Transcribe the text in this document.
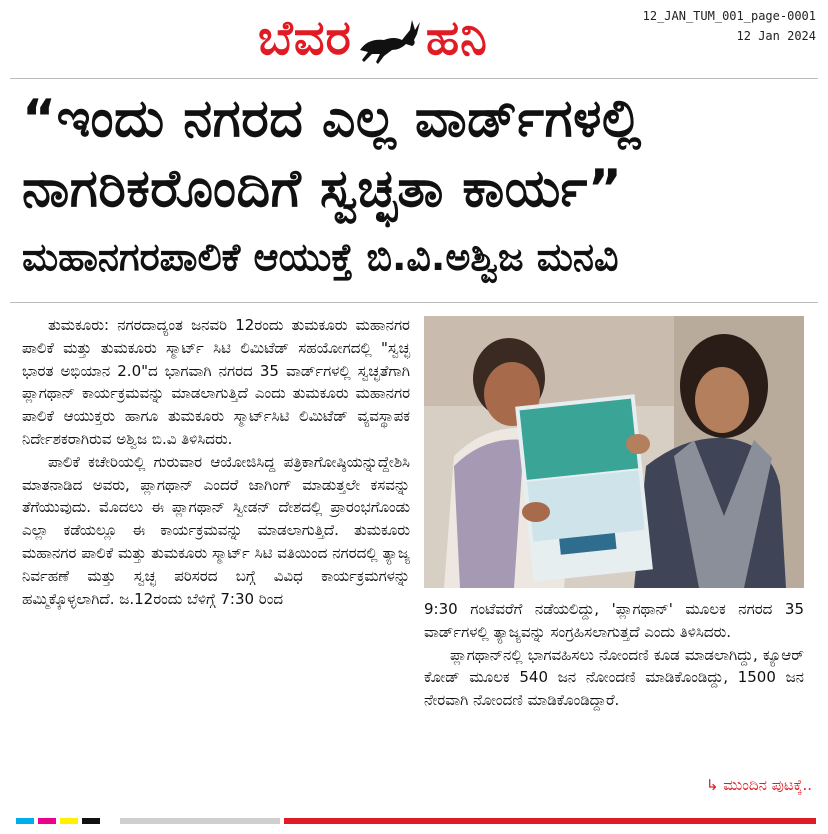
ಬೆವರ ಹನಿ	12_JAN_TUM_001_page-0001
12 Jan 2024
“ಇಂದು ನಗರದ ಎಲ್ಲ ವಾರ್ಡ್‌ಗಳಲ್ಲಿ
ನಾಗರಿಕರೊಂದಿಗೆ ಸ್ವಚ್ಛತಾ ಕಾರ್ಯ”
ಮಹಾನಗರಪಾಲಿಕೆ ಆಯುಕ್ತೆ ಬಿ.ವಿ.ಅಶ್ವಿಜ ಮನವಿ

ತುಮಕೂರು: ನಗರದಾದ್ಯಂತ ಜನವರಿ 12ರಂದು ತುಮಕೂರು ಮಹಾನಗರ ಪಾಲಿಕೆ ಮತ್ತು ತುಮಕೂರು ಸ್ಮಾರ್ಟ್ ಸಿಟಿ ಲಿಮಿಟೆಡ್ ಸಹಯೋಗದಲ್ಲಿ "ಸ್ವಚ್ಛ ಭಾರತ ಅಭಿಯಾನ 2.0"ದ ಭಾಗವಾಗಿ ನಗರದ 35 ವಾರ್ಡ್‌ಗಳಲ್ಲಿ ಸ್ವಚ್ಛತೆಗಾಗಿ ಪ್ಲಾಗಥಾನ್ ಕಾರ್ಯಕ್ರಮವನ್ನು ಮಾಡಲಾಗುತ್ತಿದೆ ಎಂದು ತುಮಕೂರು ಮಹಾನಗರ ಪಾಲಿಕೆ ಆಯುಕ್ತರು ಹಾಗೂ ತುಮಕೂರು ಸ್ಮಾರ್ಟ್‌ಸಿಟಿ ಲಿಮಿಟೆಡ್ ವ್ಯವಸ್ಥಾಪಕ ನಿರ್ದೇಶಕರಾಗಿರುವ ಅಶ್ವಿಜ ಬಿ.ವಿ ತಿಳಿಸಿದರು.

ಪಾಲಿಕೆ ಕಚೇರಿಯಲ್ಲಿ ಗುರುವಾರ ಆಯೋಜಿಸಿದ್ದ ಪತ್ರಿಕಾಗೋಷ್ಠಿಯನ್ನುದ್ದೇಶಿಸಿ ಮಾತನಾಡಿದ ಅವರು, ಪ್ಲಾಗಥಾನ್ ಎಂದರೆ ಜಾಗಿಂಗ್ ಮಾಡುತ್ತಲೇ ಕಸವನ್ನು ತೆಗೆಯುವುದು. ಮೊದಲು ಈ ಪ್ಲಾಗಥಾನ್ ಸ್ವೀಡನ್ ದೇಶದಲ್ಲಿ ಪ್ರಾರಂಭಗೊಂಡು ಎಲ್ಲಾ ಕಡೆಯಲ್ಲೂ ಈ ಕಾರ್ಯಕ್ರಮವನ್ನು ಮಾಡಲಾಗುತ್ತಿದೆ. ತುಮಕೂರು ಮಹಾನಗರ ಪಾಲಿಕೆ ಮತ್ತು ತುಮಕೂರು ಸ್ಮಾರ್ಟ್ ಸಿಟಿ ವತಿಯಿಂದ ನಗರದಲ್ಲಿ ತ್ಯಾಜ್ಯ ನಿರ್ವಹಣೆ ಮತ್ತು ಸ್ವಚ್ಛ ಪರಿಸರದ ಬಗ್ಗೆ ವಿವಿಧ ಕಾರ್ಯಕ್ರಮಗಳನ್ನು ಹಮ್ಮಿಕ್ಕೊಳ್ಳಲಾಗಿದೆ. ಜ.12ರಂದು ಬೆಳಿಗ್ಗೆ 7:30 ರಿಂದ

9:30 ಗಂಟೆವರೆಗೆ ನಡೆಯಲಿದ್ದು, 'ಪ್ಲಾಗಥಾನ್' ಮೂಲಕ ನಗರದ 35 ವಾರ್ಡ್‌ಗಳಲ್ಲಿ ತ್ಯಾಜ್ಯವನ್ನು ಸಂಗ್ರಹಿಸಲಾಗುತ್ತದೆ ಎಂದು ತಿಳಿಸಿದರು.

ಪ್ಲಾಗಥಾನ್‌ನಲ್ಲಿ ಭಾಗವಹಿಸಲು ನೋಂದಣಿ ಕೂಡ ಮಾಡಲಾಗಿದ್ದು, ಕ್ಯೂಆರ್ ಕೋಡ್ ಮೂಲಕ 540 ಜನ ನೋಂದಣಿ ಮಾಡಿಕೊಂಡಿದ್ದು, 1500 ಜನ ನೇರವಾಗಿ ನೋಂದಣಿ ಮಾಡಿಕೊಂಡಿದ್ದಾರೆ.

↳ ಮುಂದಿನ ಪುಟಕ್ಕೆ..
